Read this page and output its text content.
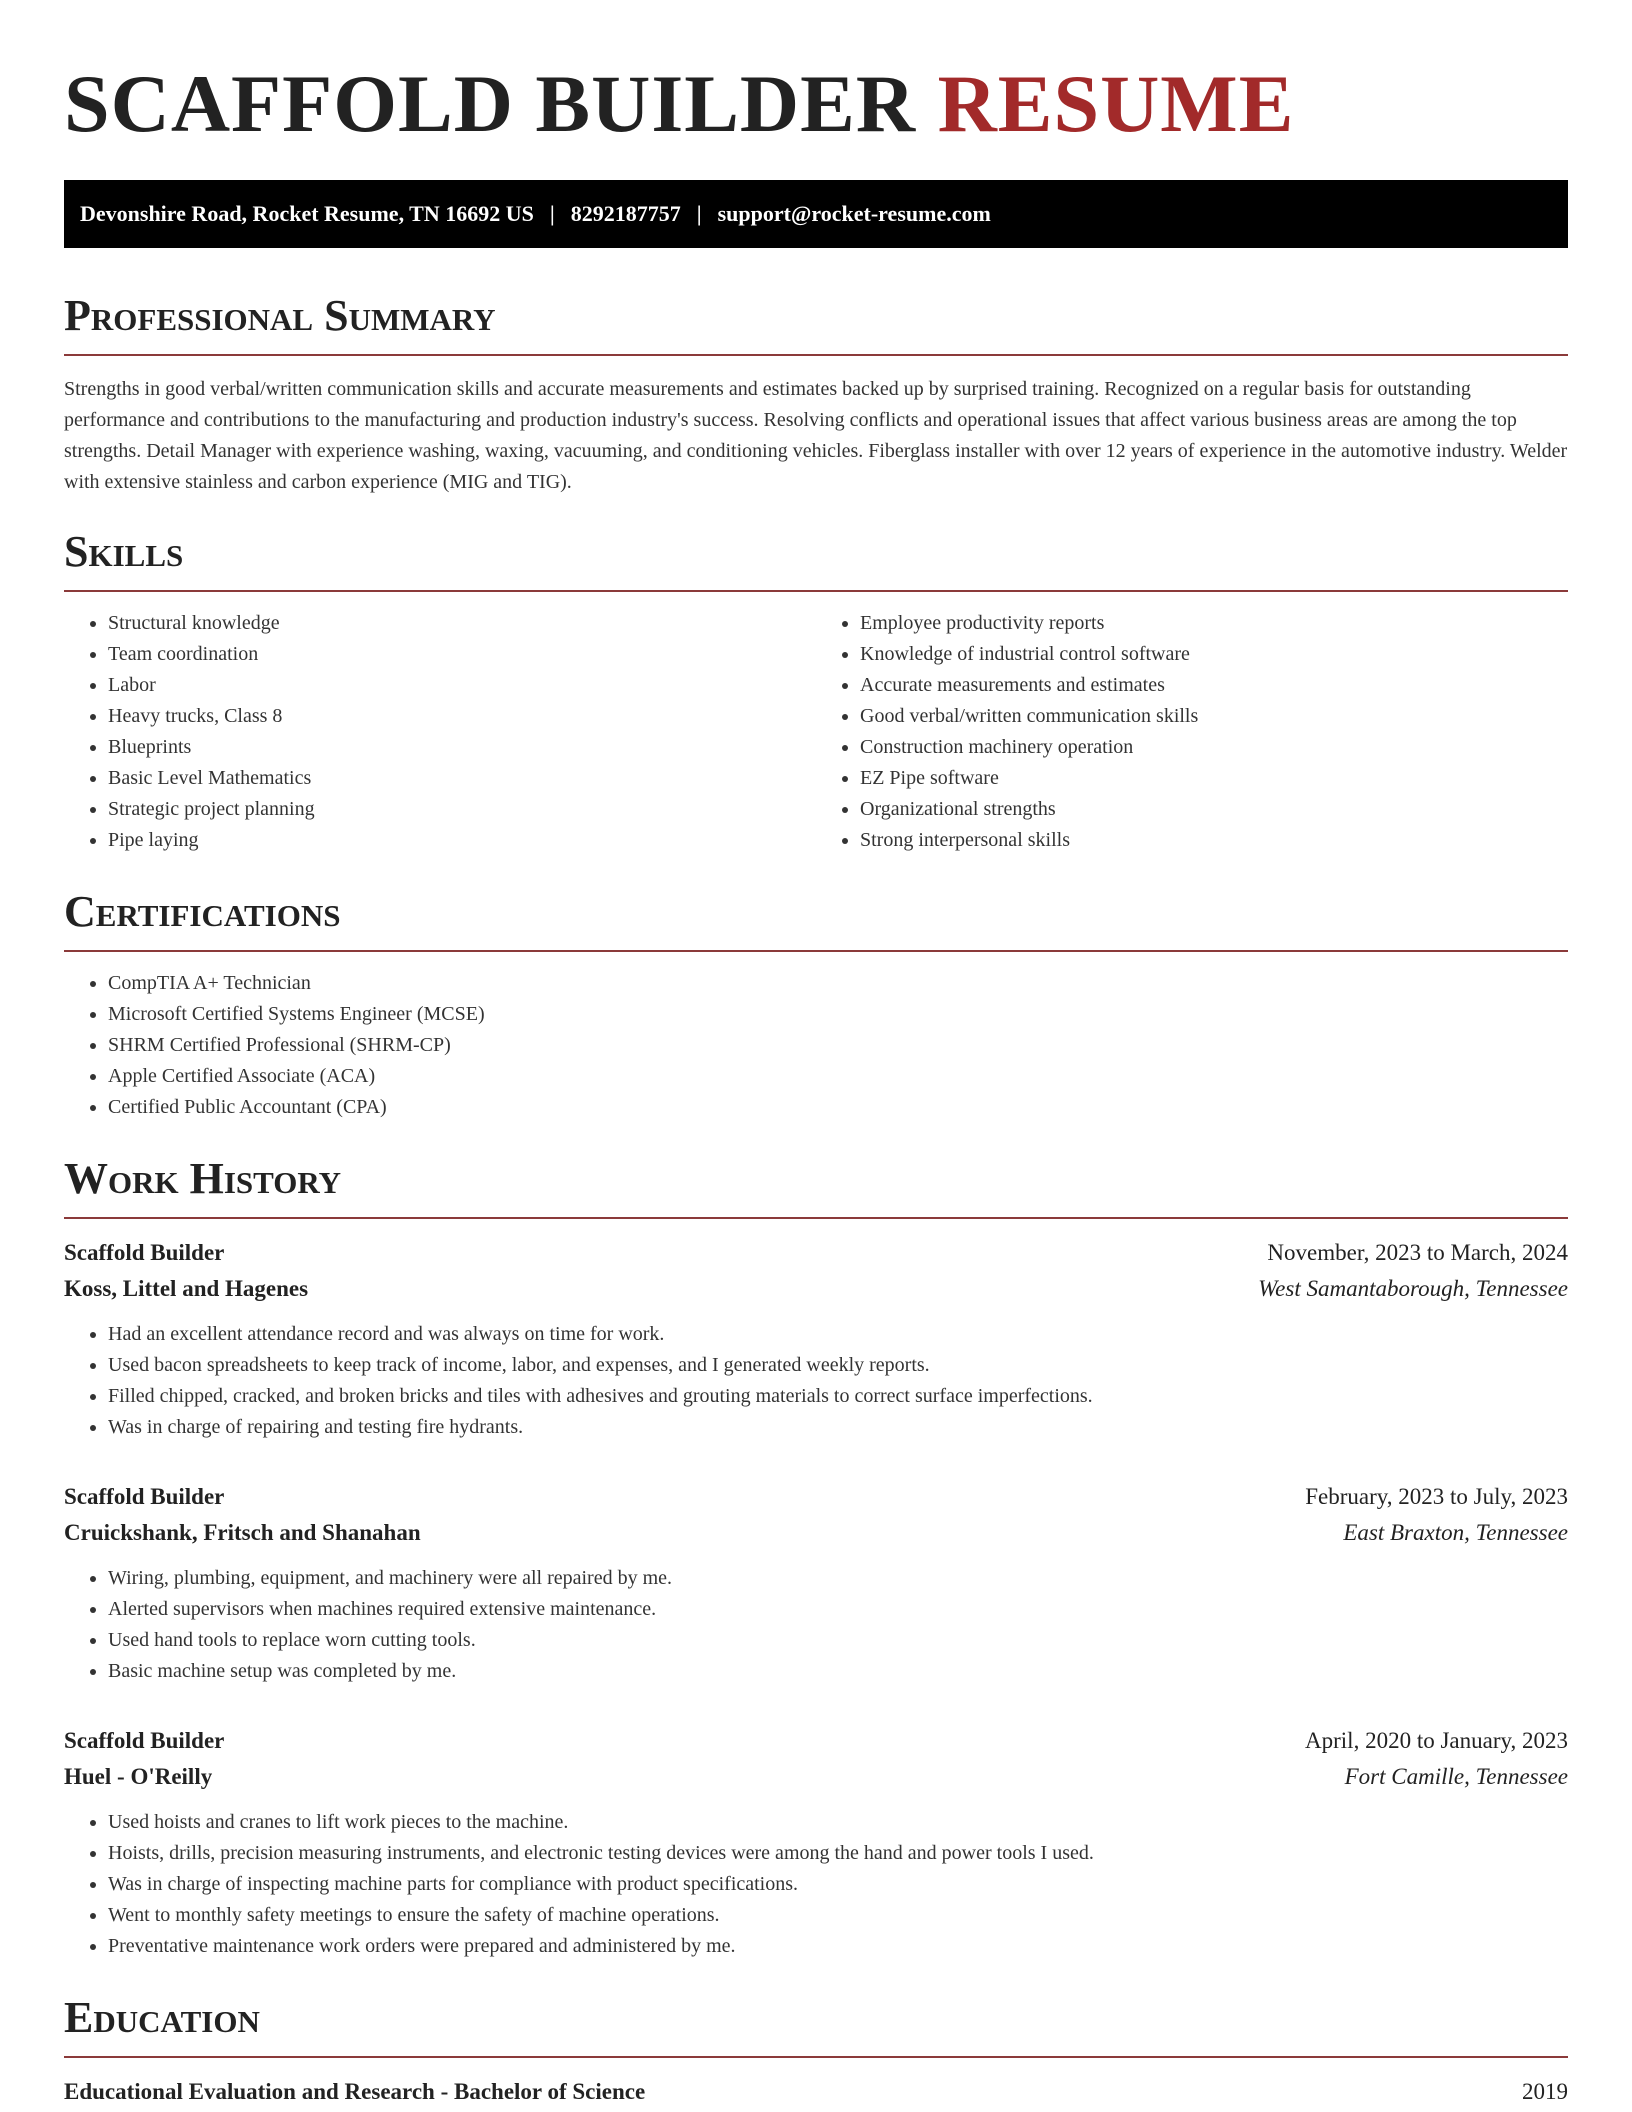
SCAFFOLD BUILDER RESUME
Devonshire Road, Rocket Resume, TN 16692 US | 8292187757 | support@rocket-resume.com
Professional Summary

Strengths in good verbal/written communication skills and accurate measurements and estimates backed up by surprised training. Recognized on a regular basis for outstanding performance and contributions to the manufacturing and production industry's success. Resolving conflicts and operational issues that affect various business areas are among the top strengths. Detail Manager with experience washing, waxing, vacuuming, and conditioning vehicles. Fiberglass installer with over 12 years of experience in the automotive industry. Welder with extensive stainless and carbon experience (MIG and TIG).

Skills
• Structural knowledge
• Team coordination
• Labor
• Heavy trucks, Class 8
• Blueprints
• Basic Level Mathematics
• Strategic project planning
• Pipe laying
• Employee productivity reports
• Knowledge of industrial control software
• Accurate measurements and estimates
• Good verbal/written communication skills
• Construction machinery operation
• EZ Pipe software
• Organizational strengths
• Strong interpersonal skills
Certifications
• CompTIA A+ Technician
• Microsoft Certified Systems Engineer (MCSE)
• SHRM Certified Professional (SHRM-CP)
• Apple Certified Associate (ACA)
• Certified Public Accountant (CPA)
Work History
Scaffold Builder	November, 2023 to March, 2024
Koss, Littel and Hagenes	West Samantaborough, Tennessee
• Had an excellent attendance record and was always on time for work.
• Used bacon spreadsheets to keep track of income, labor, and expenses, and I generated weekly reports.
• Filled chipped, cracked, and broken bricks and tiles with adhesives and grouting materials to correct surface imperfections.
• Was in charge of repairing and testing fire hydrants.
Scaffold Builder	February, 2023 to July, 2023
Cruickshank, Fritsch and Shanahan	East Braxton, Tennessee
• Wiring, plumbing, equipment, and machinery were all repaired by me.
• Alerted supervisors when machines required extensive maintenance.
• Used hand tools to replace worn cutting tools.
• Basic machine setup was completed by me.
Scaffold Builder	April, 2020 to January, 2023
Huel - O'Reilly	Fort Camille, Tennessee
• Used hoists and cranes to lift work pieces to the machine.
• Hoists, drills, precision measuring instruments, and electronic testing devices were among the hand and power tools I used.
• Was in charge of inspecting machine parts for compliance with product specifications.
• Went to monthly safety meetings to ensure the safety of machine operations.
• Preventative maintenance work orders were prepared and administered by me.
Education
Educational Evaluation and Research - Bachelor of Science	2019
